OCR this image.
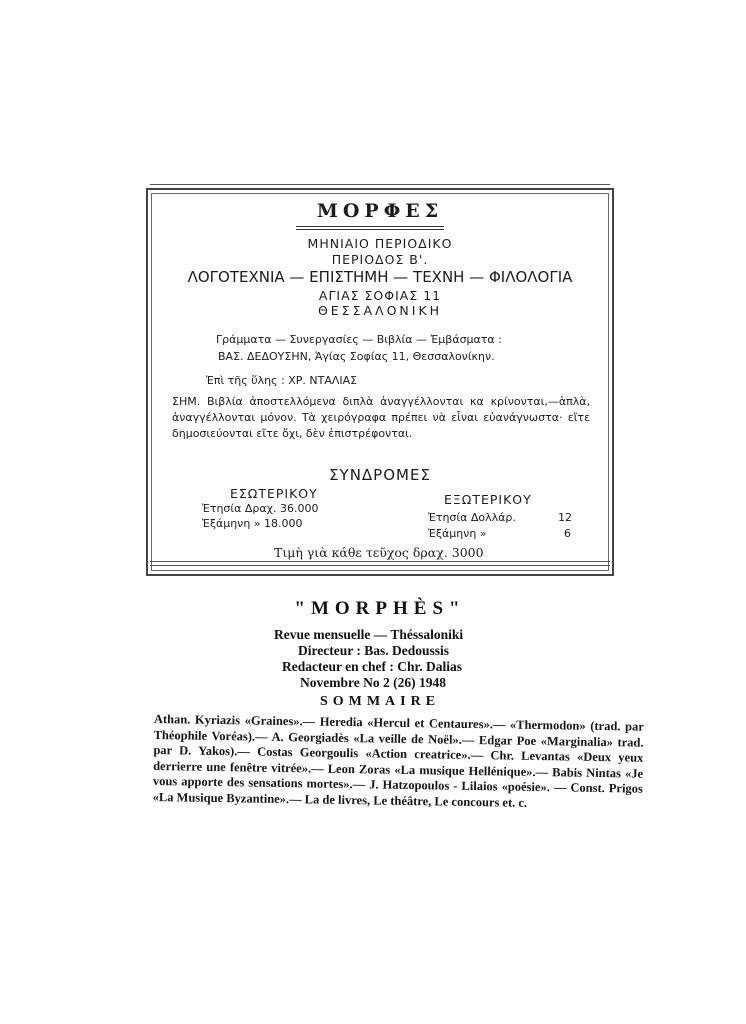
ΜΟΡΦΕΣ
ΜΗΝΙΑΙΟ ΠΕΡΙΟΔΙΚΟ
ΠΕΡΙΟΔΟΣ Β'.
ΛΟΓΟΤΕΧΝΙΑ — ΕΠΙΣΤΗΜΗ — ΤΕΧΝΗ — ΦΙΛΟΛΟΓΙΑ
ΑΓΙΑΣ ΣΟΦΙΑΣ 11
ΘΕΣΣΑΛΟΝΙΚΗ
Γράμματα — Συνεργασίες — Βιβλία — Ἐμβάσματα :
ΒΑΣ. ΔΕΔΟΥΣΗΝ, Ἁγίας Σοφίας 11, Θεσσαλονίκην.
Ἐπὶ τῆς ὕλης : ΧΡ. ΝΤΑΛΙΑΣ
ΣΗΜ. Βιβλία ἀποστελλόμενα διπλὰ ἀναγγέλλονται κα κρίνονται,—ἁπλὰ, ἀναγγέλλονται μόνον. Τὰ χειρόγραφα πρέπει νὰ εἶναι εὐανάγνωστα· εἴτε δημοσιεύονται εἴτε ὄχι, δὲν ἐπιστρέφονται.
ΣΥΝΔΡΟΜΕΣ
ΕΣΩΤΕΡΙΚΟΥ
Ἐτησία Δραχ. 36.000
Ἑξάμηνη » 18.000
ΕΞΩΤΕΡΙΚΟΥ
Ἐτησία Δολλάρ.	12
Ἑξάμηνη »	6
Τιμὴ γιὰ κάθε τεῦχος δραχ. 3000
"MORPHÈS"
Revue mensuelle — Théssaloniki
Directeur : Bas. Dedoussis
Redacteur en chef : Chr. Dalias
Novembre No 2 (26) 1948
SOMMAIRE
Athan. Kyriazis «Graines».— Heredia «Hercul et Centaures».— «Thermodon» (trad. par Théophile Voréas).— A. Georgiadès «La veille de Noël».— Edgar Poe «Marginalia» trad. par D. Yakos).— Costas Georgoulis «Action creatrice».— Chr. Levantas «Deux yeux derrierre une fenêtre vitrée».— Leon Zoras «La musique Hellénique».— Babis Nintas «Je vous apporte des sensations mortes».— J. Hatzopoulos - Lilaios «poésie». — Const. Prigos «La Musique Byzantine».— La de livres, Le théâtre, Le concours et. c.
